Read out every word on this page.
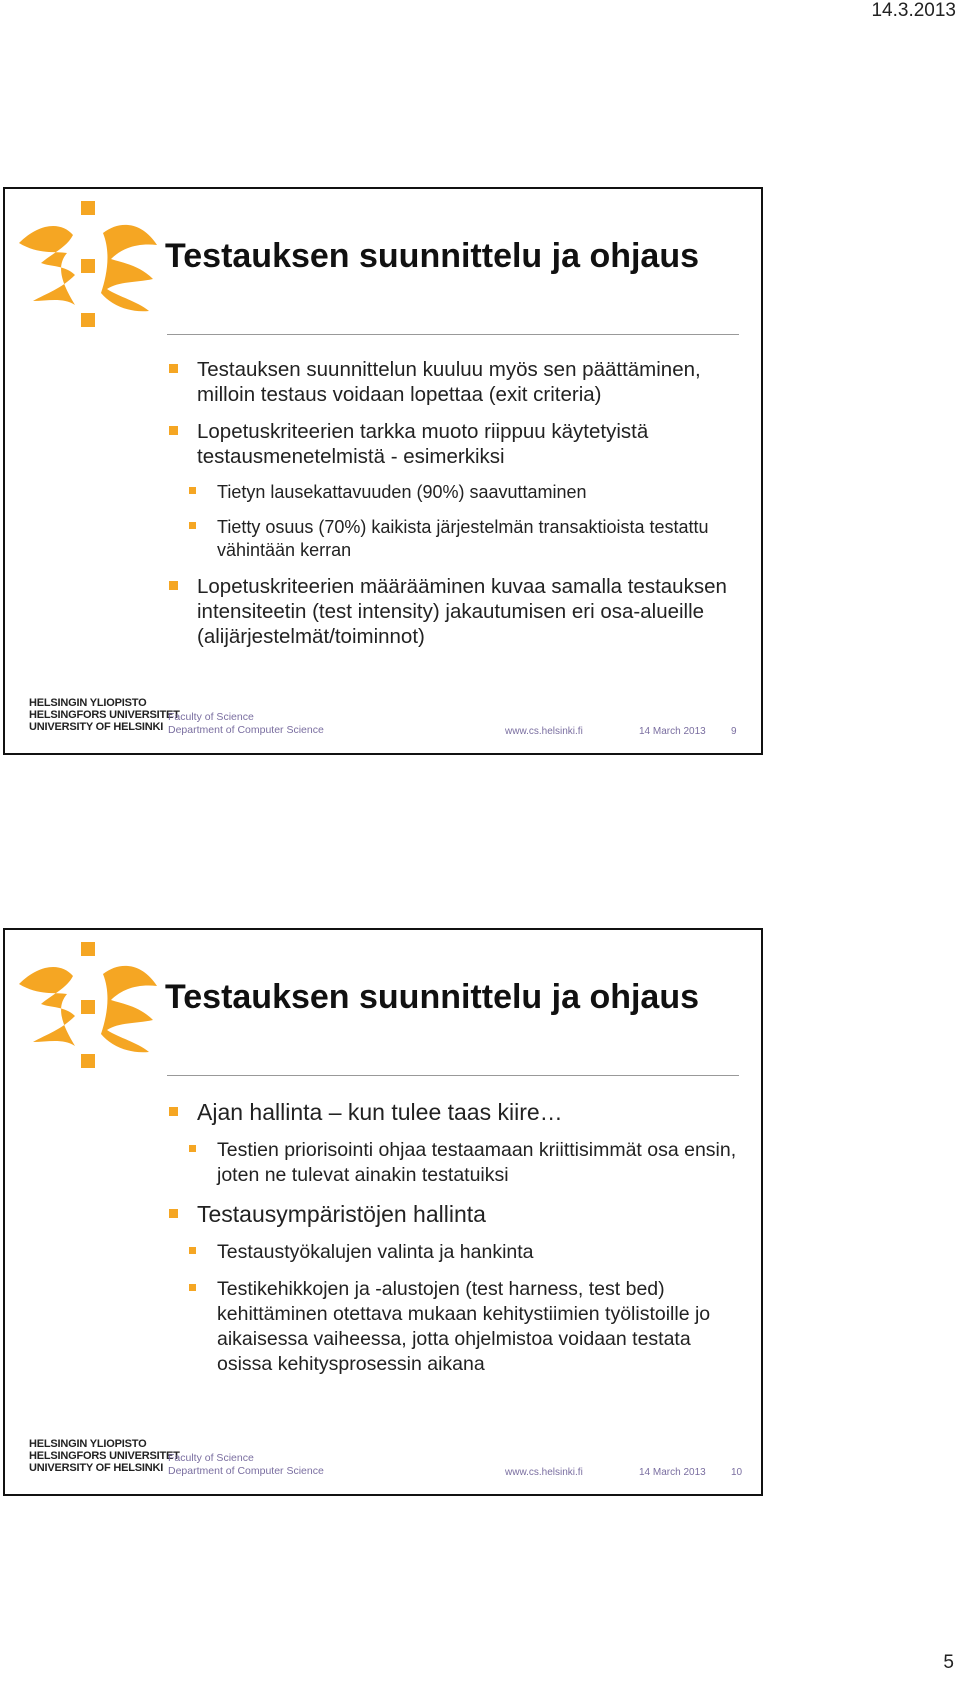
14.3.2013
Testauksen suunnittelu ja ohjaus
Testauksen suunnittelun kuuluu myös sen päättäminen, milloin testaus voidaan lopettaa (exit criteria)
Lopetuskriteerien tarkka muoto riippuu käytetyistä testausmenetelmistä - esimerkiksi
Tietyn lausekattavuuden (90%) saavuttaminen
Tietty osuus (70%) kaikista järjestelmän transaktioista testattu vähintään kerran
Lopetuskriteerien määrääminen kuvaa samalla testauksen intensiteetin (test intensity) jakautumisen eri osa-alueille (alijärjestelmät/toiminnot)
HELSINGIN YLIOPISTO
HELSINGFORS UNIVERSITET
UNIVERSITY OF HELSINKI
Faculty of Science
Department of Computer Science	www.cs.helsinki.fi	14 March 2013	9
Testauksen suunnittelu ja ohjaus
Ajan hallinta – kun tulee taas kiire…
Testien priorisointi ohjaa testaamaan kriittisimmät osa ensin, joten ne tulevat ainakin testatuiksi
Testausympäristöjen hallinta
Testaustyökalujen valinta ja hankinta
Testikehikkojen ja -alustojen (test harness, test bed) kehittäminen otettava mukaan kehitystiimien työlistoille jo aikaisessa vaiheessa, jotta ohjelmistoa voidaan testata osissa kehitysprosessin aikana
HELSINGIN YLIOPISTO
HELSINGFORS UNIVERSITET
UNIVERSITY OF HELSINKI
Faculty of Science
Department of Computer Science	www.cs.helsinki.fi	14 March 2013	10
5
